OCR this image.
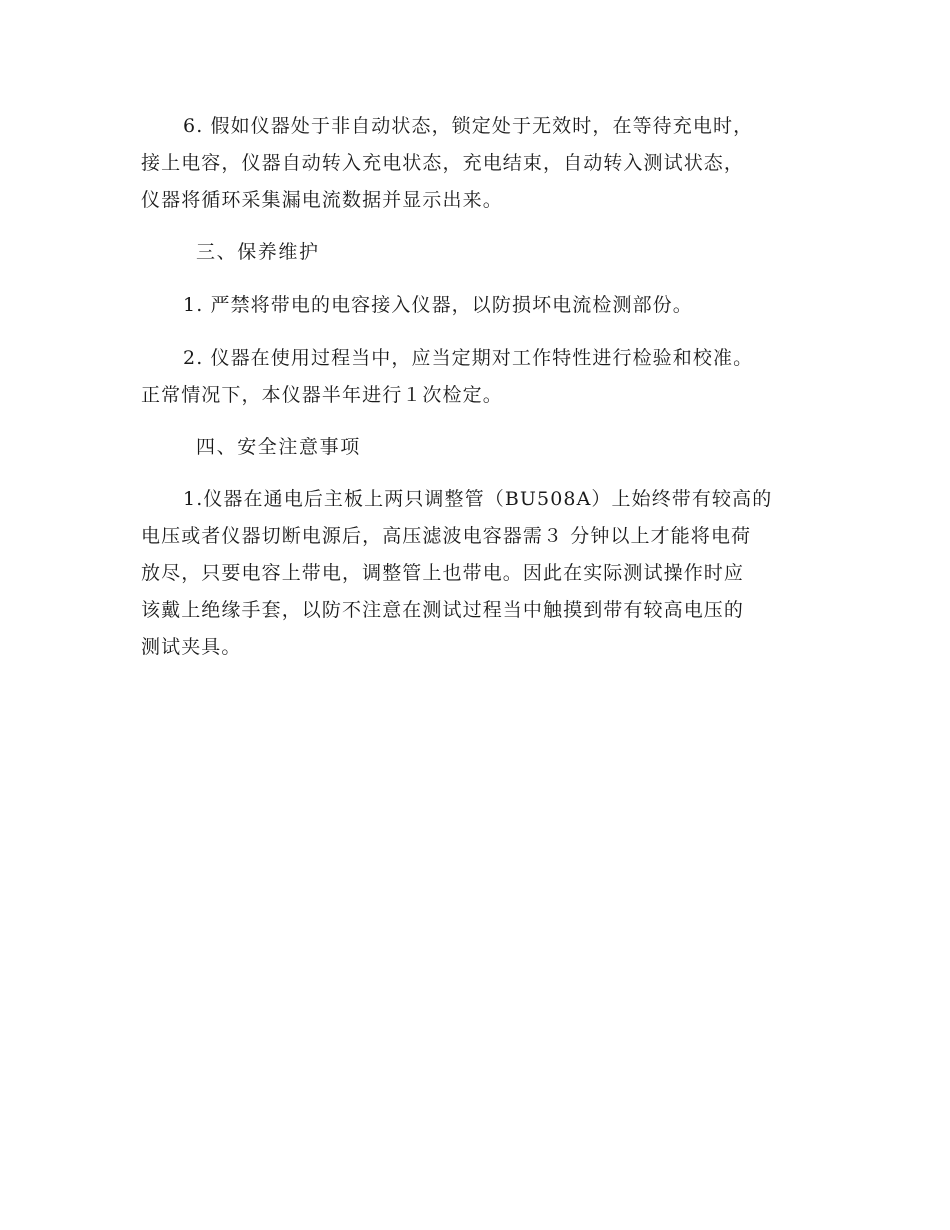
6. 假如仪器处于非自动状态，锁定处于无效时，在等待充电时，
接上电容，仪器自动转入充电状态，充电结束，自动转入测试状态，
仪器将循环采集漏电流数据并显示出来。

三、保养维护

1. 严禁将带电的电容接入仪器，以防损坏电流检测部份。

2. 仪器在使用过程当中，应当定期对工作特性进行检验和校准。
正常情况下，本仪器半年进行１次检定。

四、安全注意事项

1.仪器在通电后主板上两只调整管（BU508A）上始终带有较高的
电压或者仪器切断电源后，高压滤波电容器需３ 分钟以上才能将电荷
放尽，只要电容上带电，调整管上也带电。因此在实际测试操作时应
该戴上绝缘手套，以防不注意在测试过程当中触摸到带有较高电压的
测试夹具。
